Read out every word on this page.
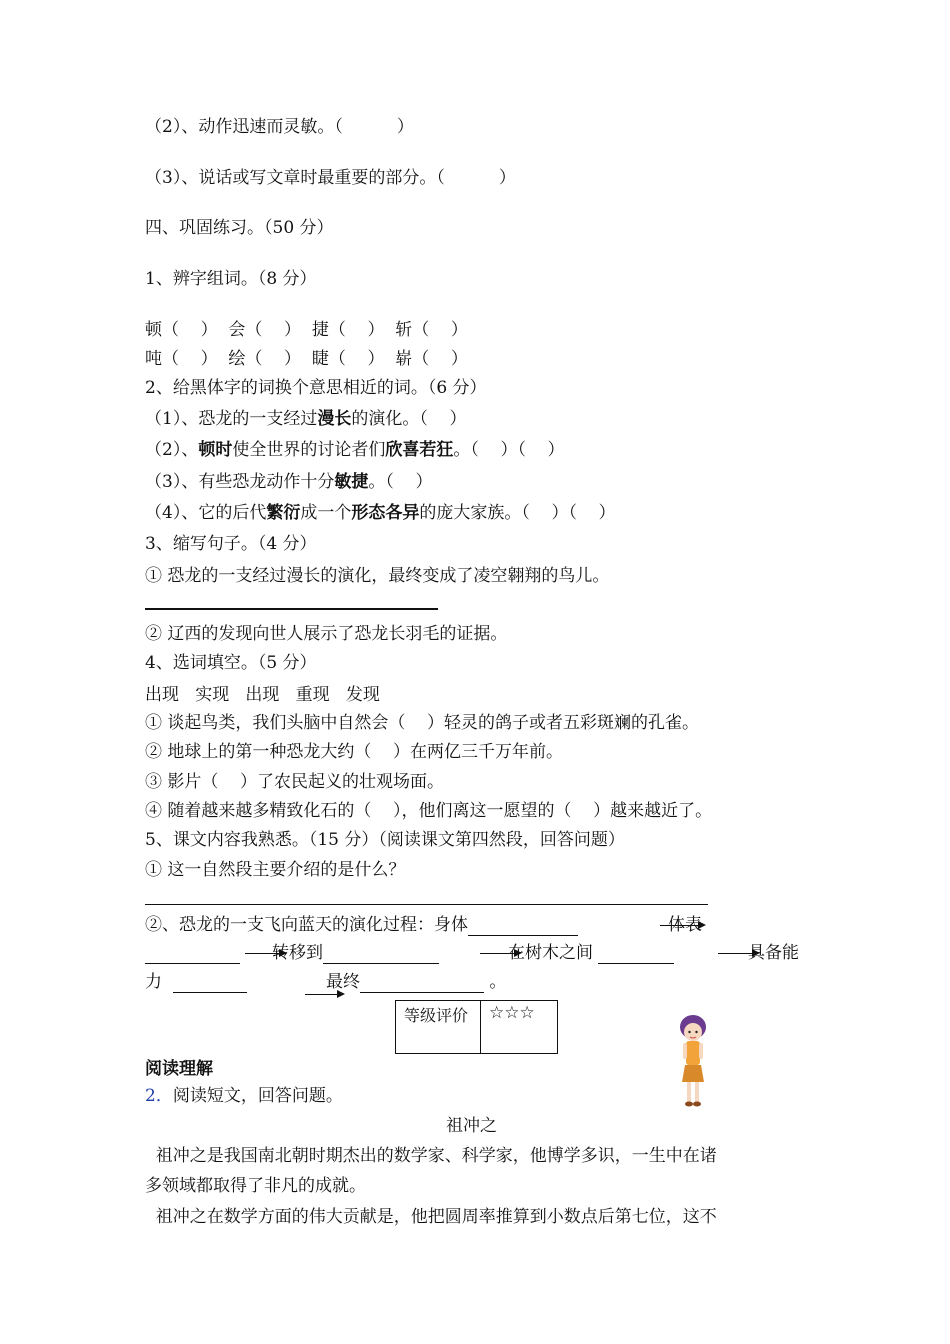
（2）、动作迅速而灵敏。（          ）
（3）、说话或写文章时最重要的部分。（          ）
四、巩固练习。（50 分）
1、辨字组词。（8 分）
顿（    ）  会（    ）  捷（    ）  斩（    ）
吨（    ）  绘（    ）  睫（    ）  崭（    ）
2、给黑体字的词换个意思相近的词。（6 分）
（1）、恐龙的一支经过漫长的演化。（    ）
（2）、顿时使全世界的讨论者们欣喜若狂。（    ）（    ）
（3）、有些恐龙动作十分敏捷。（    ）
（4）、它的后代繁衍成一个形态各异的庞大家族。（    ）（    ）
3、缩写句子。（4 分）
① 恐龙的一支经过漫长的演化，最终变成了凌空翱翔的鸟儿。
② 辽西的发现向世人展示了恐龙长羽毛的证据。
4、选词填空。（5 分）
出现   实现   出现   重现   发现
① 谈起鸟类，我们头脑中自然会（    ）轻灵的鸽子或者五彩斑斓的孔雀。
② 地球上的第一种恐龙大约（    ）在两亿三千万年前。
③ 影片（    ）了农民起义的壮观场面。
④ 随着越来越多精致化石的（    ），他们离这一愿望的（    ）越来越近了。
5、课文内容我熟悉。（15 分）（阅读课文第四然段，回答问题）
① 这一自然段主要介绍的是什么？
②、恐龙的一支飞向蓝天的演化过程：身体	体表
转移到	在树木之间	具备能
力	最终	。
等级评价	☆☆☆
阅读理解
2．阅读短文，回答问题。
祖冲之
祖冲之是我国南北朝时期杰出的数学家、科学家，他博学多识，一生中在诸
多领域都取得了非凡的成就。
祖冲之在数学方面的伟大贡献是，他把圆周率推算到小数点后第七位，这不
